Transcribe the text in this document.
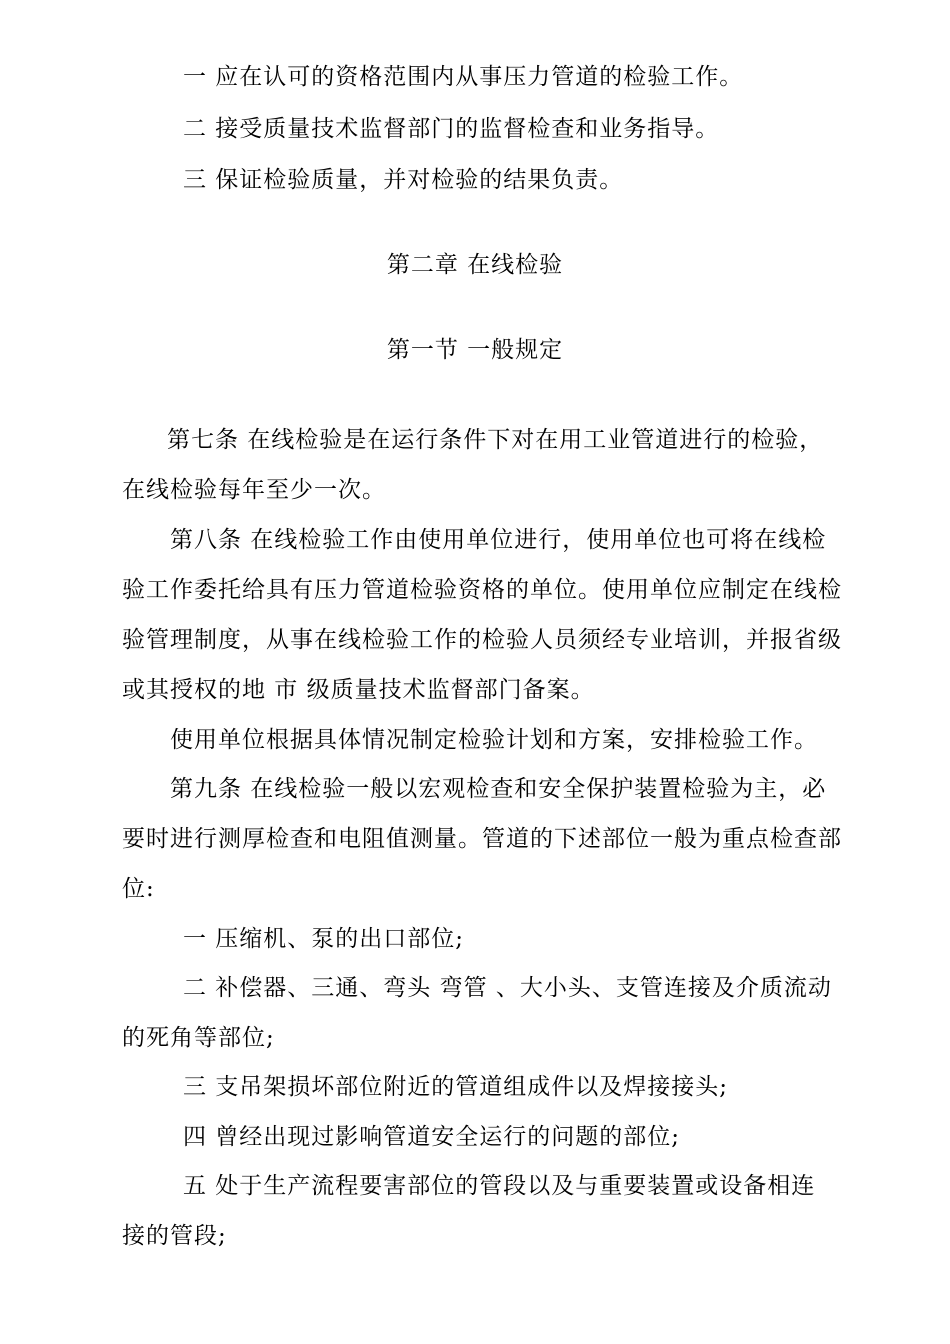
一 应在认可的资格范围内从事压力管道的检验工作。
二 接受质量技术监督部门的监督检查和业务指导。
三 保证检验质量，并对检验的结果负责。
第二章 在线检验
第一节 一般规定
第七条 在线检验是在运行条件下对在用工业管道进行的检验，
在线检验每年至少一次。
第八条 在线检验工作由使用单位进行，使用单位也可将在线检
验工作委托给具有压力管道检验资格的单位。使用单位应制定在线检
验管理制度，从事在线检验工作的检验人员须经专业培训，并报省级
或其授权的地 市 级质量技术监督部门备案。
使用单位根据具体情况制定检验计划和方案，安排检验工作。
第九条 在线检验一般以宏观检查和安全保护装置检验为主，必
要时进行测厚检查和电阻值测量。管道的下述部位一般为重点检查部
位:
一 压缩机、泵的出口部位;
二 补偿器、三通、弯头 弯管 、大小头、支管连接及介质流动
的死角等部位;
三 支吊架损坏部位附近的管道组成件以及焊接接头;
四 曾经出现过影响管道安全运行的问题的部位;
五 处于生产流程要害部位的管段以及与重要装置或设备相连
接的管段;
